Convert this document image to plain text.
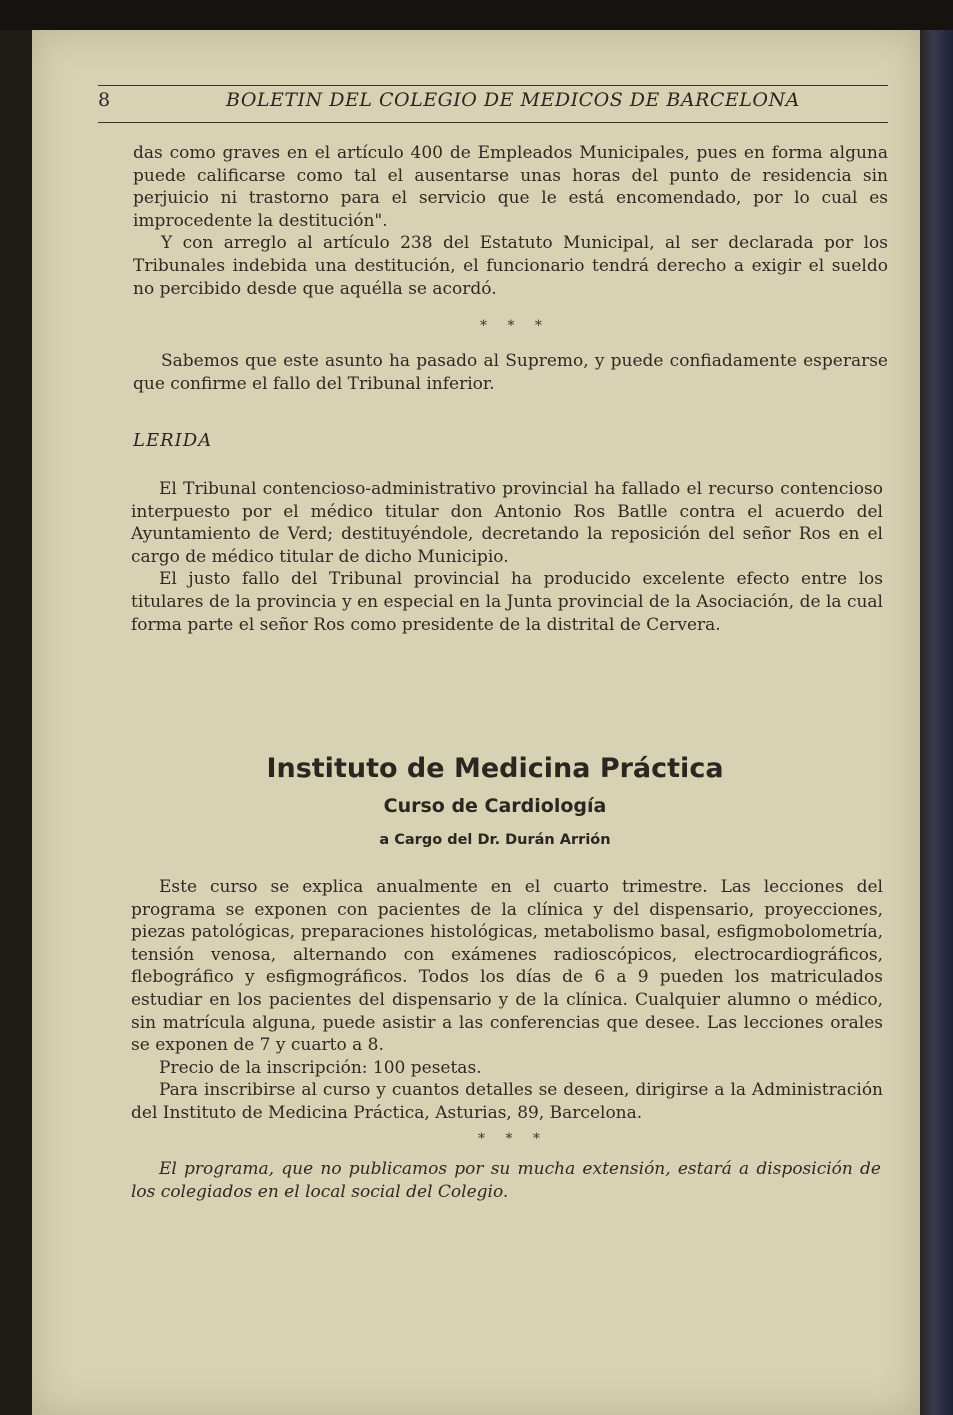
8	BOLETIN DEL COLEGIO DE MEDICOS DE BARCELONA

das como graves en el artículo 400 de Empleados Municipales, pues en forma alguna puede calificarse como tal el ausentarse unas horas del punto de residencia sin perjuicio ni trastorno para el servicio que le está encomendado, por lo cual es improcedente la destitución".

Y con arreglo al artículo 238 del Estatuto Municipal, al ser declarada por los Tribunales indebida una destitución, el funcionario tendrá derecho a exigir el sueldo no percibido desde que aquélla se acordó.

* * *

Sabemos que este asunto ha pasado al Supremo, y puede confiadamente esperarse que confirme el fallo del Tribunal inferior.

LERIDA

El Tribunal contencioso-administrativo provincial ha fallado el recurso contencioso interpuesto por el médico titular don Antonio Ros Batlle contra el acuerdo del Ayuntamiento de Verd; destituyéndole, decretando la reposición del señor Ros en el cargo de médico titular de dicho Municipio.

El justo fallo del Tribunal provincial ha producido excelente efecto entre los titulares de la provincia y en especial en la Junta provincial de la Asociación, de la cual forma parte el señor Ros como presidente de la distrital de Cervera.

Instituto de Medicina Práctica
Curso de Cardiología
a Cargo del Dr. Durán Arrión

Este curso se explica anualmente en el cuarto trimestre. Las lecciones del programa se exponen con pacientes de la clínica y del dispensario, proyecciones, piezas patológicas, preparaciones histológicas, metabolismo basal, esfigmobolometría, tensión venosa, alternando con exámenes radioscópicos, electrocardiográficos, flebográfico y esfigmográficos. Todos los días de 6 a 9 pueden los matriculados estudiar en los pacientes del dispensario y de la clínica. Cualquier alumno o médico, sin matrícula alguna, puede asistir a las conferencias que desee. Las lecciones orales se exponen de 7 y cuarto a 8.

Precio de la inscripción: 100 pesetas.

Para inscribirse al curso y cuantos detalles se deseen, dirigirse a la Administración del Instituto de Medicina Práctica, Asturias, 89, Barcelona.

* * *
El programa, que no publicamos por su mucha extensión, estará a disposición de los colegiados en el local social del Colegio.
